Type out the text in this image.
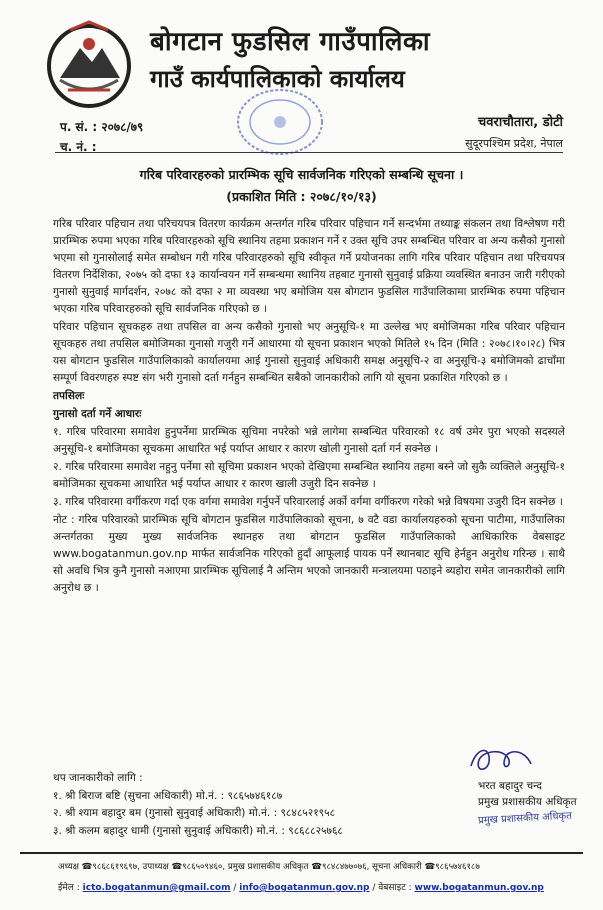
बोगटान फुडसिल गाउँपालिका
गाउँ कार्यपालिकाको कार्यालय
प. सं. : २०७८/७९
च. नं. :
चवराचौतारा, डोटी
सुदूरपश्चिम प्रदेश, नेपाल
गरिब परिवारहरुको प्रारम्भिक सूचि सार्वजनिक गरिएको सम्बन्धि सूचना ।
(प्रकाशित मिति : २०७८/१०/१३)

गरिब परिवार पहिचान तथा परिचयपत्र वितरण कार्यक्रम अन्तर्गत गरिब परिवार पहिचान गर्ने सन्दर्भमा तथ्याङ्क संकलन तथा विश्लेषण गरी प्रारम्भिक रुपमा भएका गरिब परिवारहरुको सूचि स्थानिय तहमा प्रकाशन गर्ने र उक्त सूचि उपर सम्बन्धित परिवार वा अन्य कसैको गुनासो भएमा सो गुनासोलाई समेत सम्बोधन गरी गरिब परिवारहरुको सूचि स्वीकृत गर्ने प्रयोजनका लागि गरिब परिवार पहिचान तथा परिचयपत्र वितरण निर्देशिका, २०७५ को दफा १३ कार्यान्वयन गर्ने सम्बन्धमा स्थानिय तहबाट गुनासो सुनुवाई प्रक्रिया व्यवस्थित बनाउन जारी गरीएको गुनासो सुनुवाई मार्गदर्शन, २०७८ को दफा २ मा व्यवस्था भए बमोजिम यस बोगटान फुडसिल गाउँपालिकामा प्रारम्भिक रुपमा पहिचान भएका गरिब परिवारहरुको सूचि सार्वजनिक गरिएको छ ।

परिवार पहिचान सूचकहरु तथा तपसिल वा अन्य कसैको गुनासो भए अनुसूचि-१ मा उल्लेख भए बमोजिमका गरिब परिवार पहिचान सूचकहरु तथा तपसिल बमोजिमका गुनासो गजुरी गर्ने आधारमा यो सूचना प्रकाशन भएको मितिले १५ दिन (मिति : २०७८।१०।२८) भित्र यस बोगटान फुडसिल गाउँपालिकाको कार्यालयमा आई गुनासो सुनुवाई अधिकारी समक्ष अनुसूचि-२ वा अनुसूचि-३ बमोजिमको ढाचाँमा सम्पूर्ण विवरणहरु स्पष्ट संग भरी गुनासो दर्ता गर्नहुन सम्बन्धित सबैको जानकारीको लागि यो सूचना प्रकाशित गरिएको छ ।

तपसिलः

गुनासो दर्ता गर्ने आधारः

१. गरिब परिवारमा समावेश हुनुपर्नेमा प्रारम्भिक सूचिमा नपरेको भन्ने लागेमा सम्बन्धित परिवारको १८ वर्ष उमेर पुरा भएको सदस्यले अनुसूचि-१ बमोजिमका सूचकमा आधारित भई पर्याप्त आधार र कारण खोली गुनासो दर्ता गर्न सक्नेछ ।

२. गरिब परिवारमा समावेश नहुनु पर्नेमा सो सूचिमा प्रकाशन भएको देखिएमा सम्बन्धित स्थानिय तहमा बस्ने जो सुकै व्यक्तिले अनुसूचि-१ बमोजिमका सूचकमा आधारित भई पर्याप्त आधार र कारण खाली उजुरी दिन सक्नेछ ।

३. गरिब परिवारमा वर्गीकरण गर्दा एक वर्गमा समावेश गर्नुपर्ने परिवारलाई अर्को वर्गमा वर्गीकरण गरेको भन्ने विषयमा उजुरी दिन सक्नेछ ।

नोट : गरिब परिवारको प्रारम्भिक सूचि बोगटान फुडसिल गाउँपालिकाको सूचना, ७ वटै वडा कार्यालयहरुको सूचना पाटीमा, गाउँपालिका अन्तर्गतका मुख्य मुख्य सार्वजनिक स्थानहरु तथा बोगटान फुडसिल गाउँपालिकाको आधिकारिक वेबसाइट www.bogatanmun.gov.np मार्फत सार्वजनिक गरिएको हुदाँ आफूलाई पायक पर्ने स्थानबाट सूचि हेर्नहुन अनुरोध गरिन्छ । साथै सो अवधि भित्र कुनै गुनासो नआएमा प्रारम्भिक सूचिलाई नै अन्तिम भएको जानकारी मन्त्रालयमा पठाइने ब्यहोरा समेत जानकारीको लागि अनुरोध छ ।

थप जानकारीको लागि :
१. श्री बिराज बष्टि (सुचना अधिकारी) मो.नं. : ९८६५७४६१८७
२. श्री श्याम बहादुर बम (गुनासो सुनुवाई अधिकारी) मो.नं. : ९८४८५२१९५८
३. श्री कलम बहादुर धामी (गुनासो सुनुवाई अधिकारी) मो.नं. : ९८६८८२५७६८
भरत बहादुर चन्द
प्रमुख प्रशासकीय अधिकृत
प्रमुख प्रशासकीय अधिकृत
अध्यक्ष ☎९८६८६१९६९७, उपाध्यक्ष ☎९८६५०९४६०, प्रमुख प्रशासकीय अधिकृत ☎९८४८४७७०७६, सूचना अधिकारी ☎९८६५७४६१८७
ईमेल : icto.bogatanmun@gmail.com / info@bogatanmun.gov.np / वेबसाइट : www.bogatanmun.gov.np
